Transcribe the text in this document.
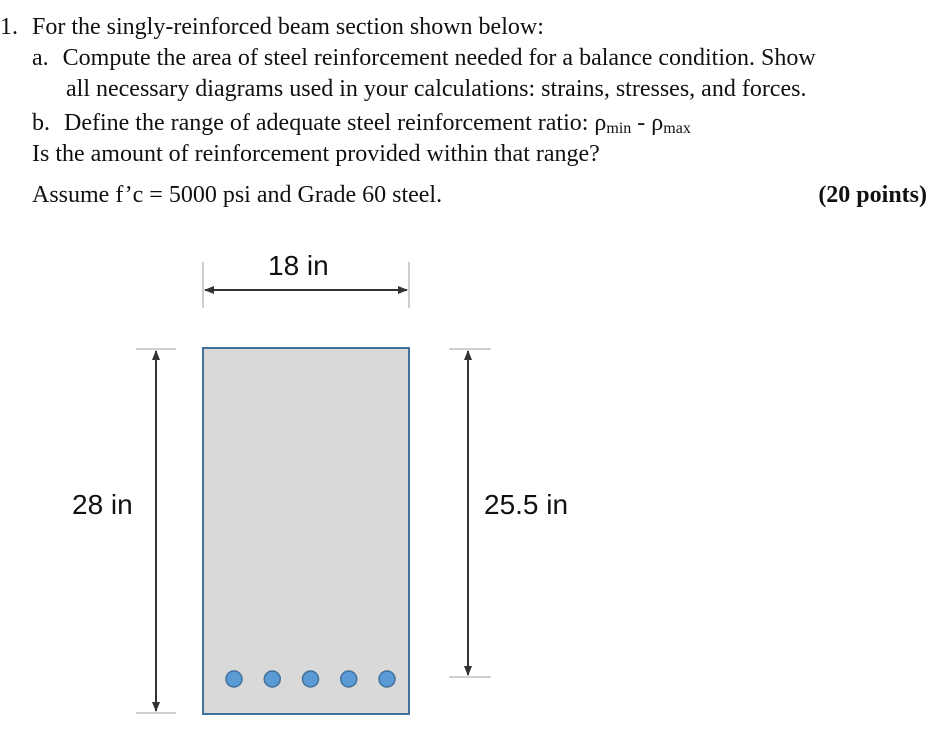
1. For the singly-reinforced beam section shown below:
a. Compute the area of steel reinforcement needed for a balance condition. Show
all necessary diagrams used in your calculations: strains, stresses, and forces.
b. Define the range of adequate steel reinforcement ratio: ρmin - ρmax
Is the amount of reinforcement provided within that range?
Assume f’c = 5000 psi and Grade 60 steel.	(20 points)
18 in
28 in	25.5 in
